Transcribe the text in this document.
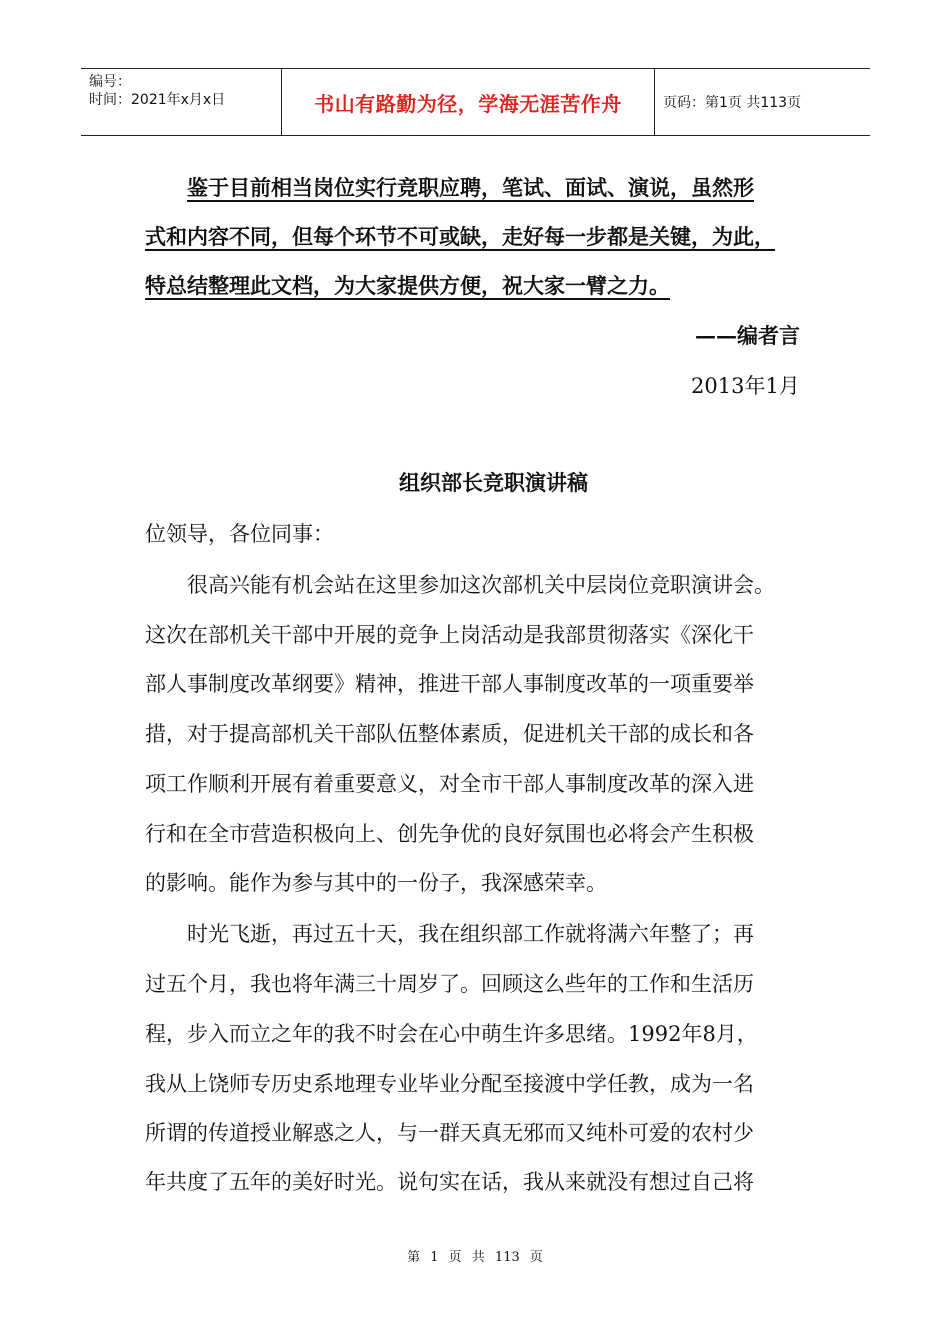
编号：
时间：2021年x月x日	书山有路勤为径，学海无涯苦作舟	页码：第1页 共113页
鉴于目前相当岗位实行竞职应聘，笔试、面试、演说，虽然形
式和内容不同，但每个环节不可或缺，走好每一步都是关键，为此，
特总结整理此文档，为大家提供方便，祝大家一臂之力。
——编者言
2013年1月
组织部长竞职演讲稿
位领导，各位同事：
很高兴能有机会站在这里参加这次部机关中层岗位竞职演讲会。
这次在部机关干部中开展的竞争上岗活动是我部贯彻落实《深化干
部人事制度改革纲要》精神，推进干部人事制度改革的一项重要举
措，对于提高部机关干部队伍整体素质，促进机关干部的成长和各
项工作顺利开展有着重要意义，对全市干部人事制度改革的深入进
行和在全市营造积极向上、创先争优的良好氛围也必将会产生积极
的影响。能作为参与其中的一份子，我深感荣幸。
时光飞逝，再过五十天，我在组织部工作就将满六年整了；再
过五个月，我也将年满三十周岁了。回顾这么些年的工作和生活历
程，步入而立之年的我不时会在心中萌生许多思绪。1992年8月，
我从上饶师专历史系地理专业毕业分配至接渡中学任教，成为一名
所谓的传道授业解惑之人，与一群天真无邪而又纯朴可爱的农村少
年共度了五年的美好时光。说句实在话，我从来就没有想过自己将
第 1 页 共 113 页
